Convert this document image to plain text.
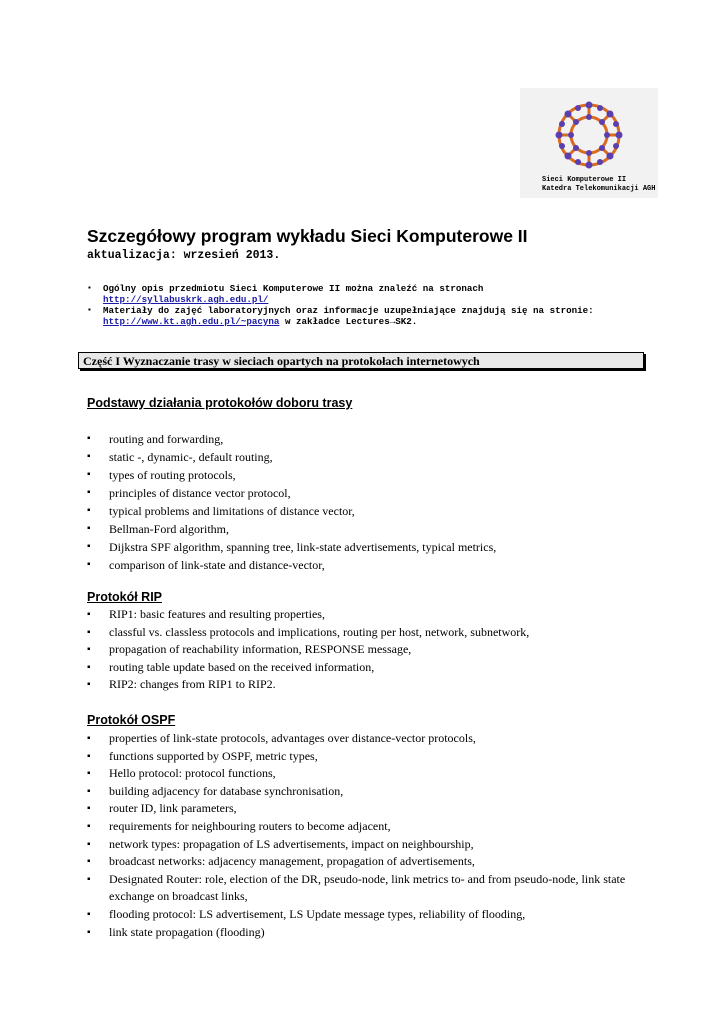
Sieci Komputerowe II
Katedra Telekomunikacji AGH
Szczegółowy program wykładu Sieci Komputerowe II
aktualizacja: wrzesień 2013.
▪ Ogólny opis przedmiotu Sieci Komputerowe II można znaleźć na stronach
http://syllabuskrk.agh.edu.pl/
▪ Materiały do zajęć laboratoryjnych oraz informacje uzupełniające znajdują się na stronie:
http://www.kt.agh.edu.pl/~pacyna w zakładce Lectures→SK2.
Część I Wyznaczanie trasy w sieciach opartych na protokołach internetowych
Podstawy działania protokołów doboru trasy
▪ routing and forwarding,
▪ static -, dynamic-, default routing,
▪ types of routing protocols,
▪ principles of distance vector protocol,
▪ typical problems and limitations of distance vector,
▪ Bellman-Ford algorithm,
▪ Dijkstra SPF algorithm, spanning tree, link-state advertisements, typical metrics,
▪ comparison of link-state and distance-vector,
Protokół RIP
▪ RIP1: basic features and resulting properties,
▪ classful vs. classless protocols and implications, routing per host, network, subnetwork,
▪ propagation of reachability information, RESPONSE message,
▪ routing table update based on the received information,
▪ RIP2: changes from RIP1 to RIP2.
Protokół OSPF
▪ properties of link-state protocols, advantages over distance-vector protocols,
▪ functions supported by OSPF, metric types,
▪ Hello protocol: protocol functions,
▪ building adjacency for database synchronisation,
▪ router ID, link parameters,
▪ requirements for neighbouring routers to become adjacent,
▪ network types: propagation of LS advertisements, impact on neighbourship,
▪ broadcast networks: adjacency management, propagation of advertisements,
▪ Designated Router: role, election of the DR, pseudo-node, link metrics to- and from pseudo-node, link state exchange on broadcast links,
▪ flooding protocol: LS advertisement, LS Update message types, reliability of flooding,
▪ link state propagation (flooding)
